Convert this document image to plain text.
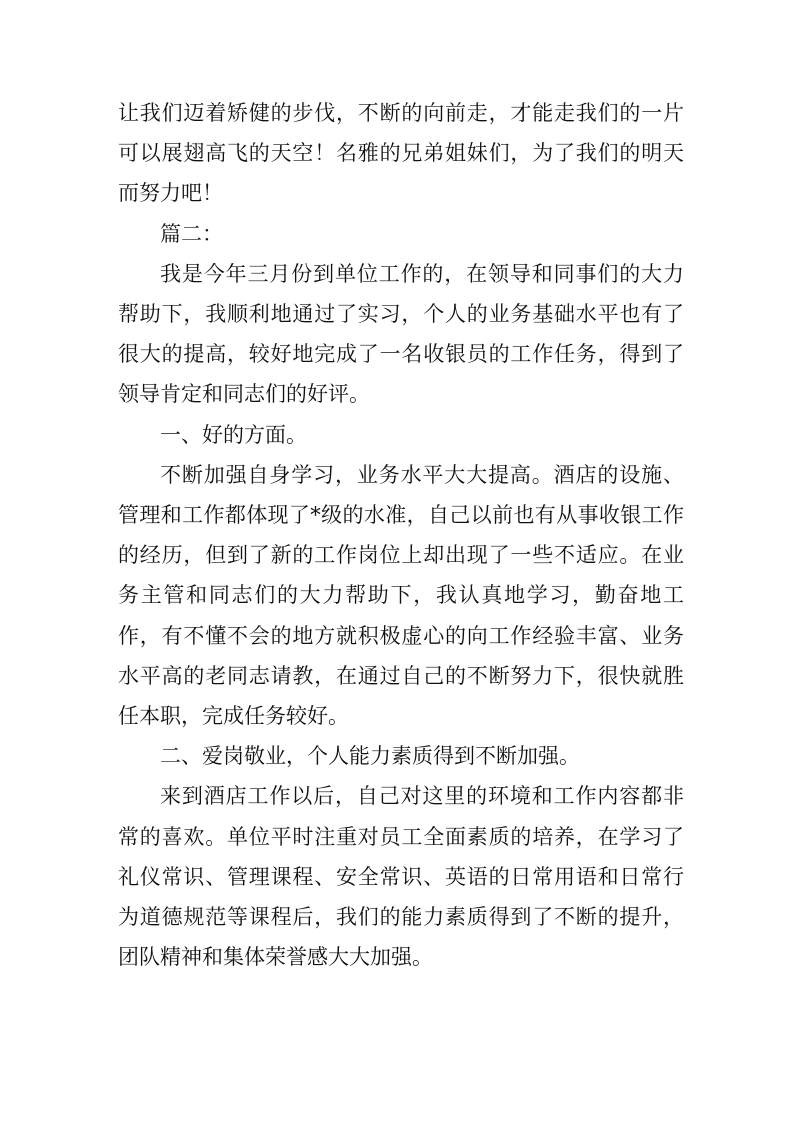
让我们迈着矫健的步伐，不断的向前走，才能走我们的一片可以展翅高飞的天空！名雅的兄弟姐妹们，为了我们的明天而努力吧！

篇二：

我是今年三月份到单位工作的，在领导和同事们的大力帮助下，我顺利地通过了实习，个人的业务基础水平也有了很大的提高，较好地完成了一名收银员的工作任务，得到了领导肯定和同志们的好评。

一、好的方面。

不断加强自身学习，业务水平大大提高。酒店的设施、管理和工作都体现了*级的水准，自己以前也有从事收银工作的经历，但到了新的工作岗位上却出现了一些不适应。在业务主管和同志们的大力帮助下，我认真地学习，勤奋地工作，有不懂不会的地方就积极虚心的向工作经验丰富、业务水平高的老同志请教，在通过自己的不断努力下，很快就胜任本职，完成任务较好。

二、爱岗敬业，个人能力素质得到不断加强。

来到酒店工作以后，自己对这里的环境和工作内容都非常的喜欢。单位平时注重对员工全面素质的培养，在学习了礼仪常识、管理课程、安全常识、英语的日常用语和日常行为道德规范等课程后，我们的能力素质得到了不断的提升，团队精神和集体荣誉感大大加强。
